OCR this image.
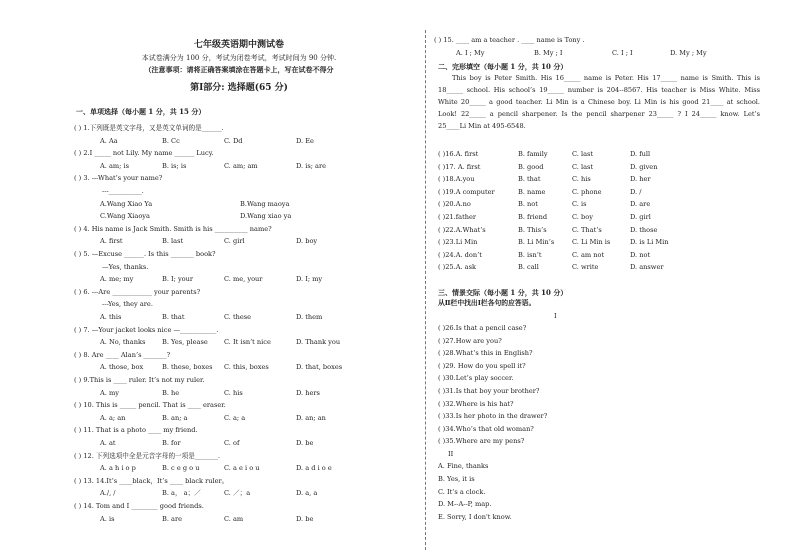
七年级英语期中测试卷
本试卷满分为 100 分，考试为闭卷考试，考试时间为 90 分钟.
（注意事项：请将正确答案填涂在答题卡上，写在试卷不得分
第Ⅰ部分: 选择题(65 分)
一、单项选择（每小题 1 分，共 15 分）
( ) 1.下列既是英文字母，又是英文单词的是______.
A. Aa	B. Cc	C. Dd	D. Ee
( ) 2.I _____ not Lily. My name ______ Lucy.
A. am; is	B. is; is	C. am; am	D. is; are
( ) 3. ---What’s your name?
---__________.
A.Wang Xiao Ya	B.Wang maoya
C.Wang Xiaoya	D.Wang xiao ya
( ) 4. His name is Jack Smith. Smith is his __________ name?
A. first	B. last	C. girl	D. boy
( ) 5. —Excuse ______. Is this _______ book?
—Yes, thanks.
A. me; my	B. I; your	C. me, your	D. I; my
( ) 6. ---Are ____________ your parents?
---Yes, they are.
A. this	B. that	C. these	D. them
( ) 7. —Your jacket looks nice —___________.
A. No, thanks	B. Yes, please C. It isn’t nice	D. Thank you
( ) 8. Are ____ Alan’s _______?
A. those, box	B. these, boxes C. this, boxes	D. that, boxes
( ) 9.This is ____ ruler. It’s not my ruler.
A. my	B. he	C. his	D. hers
( ) 10. This is _____ pencil. That is ____ eraser.
A. a; an	B. an; a	C. a; a	D. an; an
( ) 11. That is a photo ____ my friend.
A. at	B. for	C. of	D. be
( ) 12. 下列选项中全是元音字母的一项是_______.
A. a h i o p	B. c e g o u	C. a e i o u	D. a d i o e
( ) 13. 14.It’s ____black，It’s ____ black ruler。
A./, /	B. a， a；／	C. ／；a	D. a, a
( ) 14. Tom and I ________ good friends.
A. is	B. are	C. am	D. be
( ) 15. ____ am a teacher . ____ name is Tony .
A. I ; My	B. My ; I	C. I ; I	D. My ; My
二、完形填空（每小题 1 分，共 10 分）
This boy is Peter Smith. His 16_____ name is Peter. His 17_____ name is Smith. This is 18_____ school. His school’s 19_____ number is 204--8567. His teacher is Miss White. Miss White 20_____ a good teacher. Li Min is a Chinese boy. Li Min is his good 21____ at school. Look! 22_____ a pencil sharpener. Is the pencil sharpener 23_____ ? I 24_____ know. Let’s 25____Li Min at 495-6548.
( )16.A. first	B. family	C. last	D. full
( )17. A. first	B. good	C. last	D. given
( )18.A.you	B. that	C. his	D. her
( )19.A computer	B. name	C. phone	D. /
( )20.A.no	B. not	C. is	D. are
( )21.father	B. friend	C. boy	D. girl
( )22.A.What’s	B. This’s	C. That’s	D. those
( )23.Li Min	B. Li Min’s	C. Li Min is	D. is Li Min
( )24.A. don’t	B. isn’t	C. am not	D. not
( )25.A. ask	B. call	C. write	D. answer
三、情景交际（每小题 1 分，共 10 分）
从Ⅱ栏中找出Ⅰ栏各句的应答语。
I
( )26.Is that a pencil case?
( )27.How are you?
( )28.What’s this in English?
( )29. How do you spell it?
( )30.Let’s play soccer.
( )31.Is that boy your brother?
( )32.Where is his hat?
( )33.Is her photo in the drawer?
( )34.Who’s that old woman?
( )35.Where are my pens?
II
A. Fine, thanks
B. Yes, it is
C. It’s a clock.
D. M--A--P, map.
E. Sorry, I don't know.
